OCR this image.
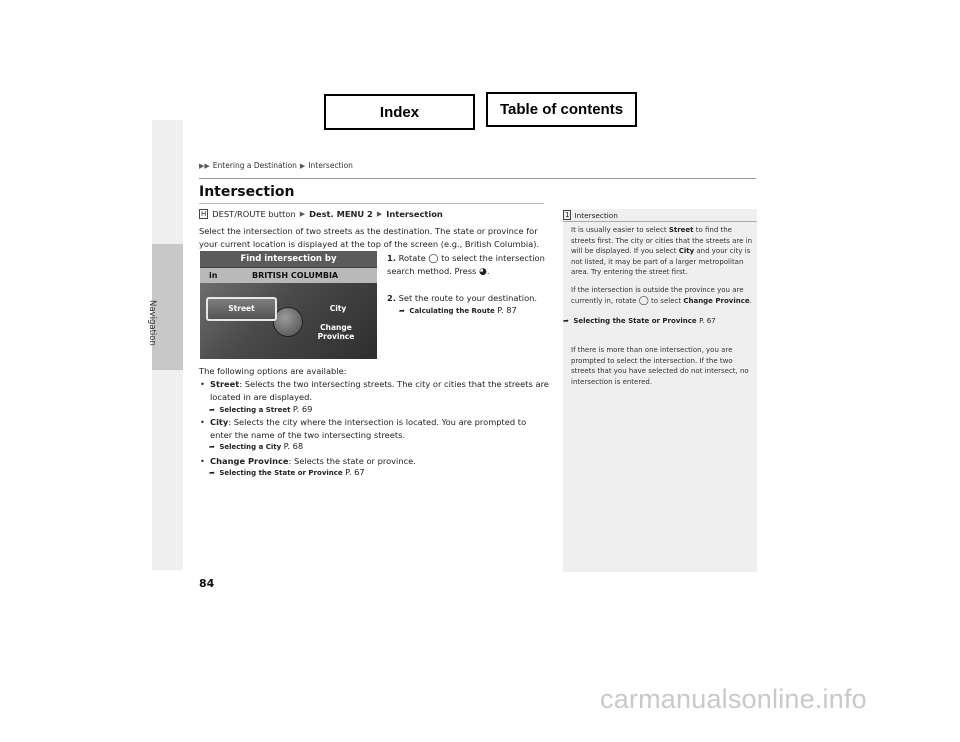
Navigation
Index	Table of contents
▶▶ Entering a Destination ▶ Intersection
Intersection
H DEST/ROUTE button ▶ Dest. MENU 2 ▶ Intersection
Select the intersection of two streets as the destination. The state or province for your current location is displayed at the top of the screen (e.g., British Columbia).
Find intersection by
in	BRITISH COLUMBIA
Street	City
Change
Province
1. Rotate ◯ to select the intersection search method. Press ◕.
2. Set the route to your destination.
➦ Calculating the Route P. 87
The following options are available:
• Street: Selects the two intersecting streets. The city or cities that the streets are located in are displayed.
➦ Selecting a Street P. 69
• City: Selects the city where the intersection is located. You are prompted to enter the name of the two intersecting streets.
➦ Selecting a City P. 68
• Change Province: Selects the state or province.
➦ Selecting the State or Province P. 67
1 Intersection
It is usually easier to select Street to find the streets first. The city or cities that the streets are in will be displayed. If you select City and your city is not listed, it may be part of a larger metropolitan area. Try entering the street first.
If the intersection is outside the province you are currently in, rotate ◯ to select Change Province.
➦ Selecting the State or Province P. 67
If there is more than one intersection, you are prompted to select the intersection. If the two streets that you have selected do not intersect, no intersection is entered.
84
carmanualsonline.info
